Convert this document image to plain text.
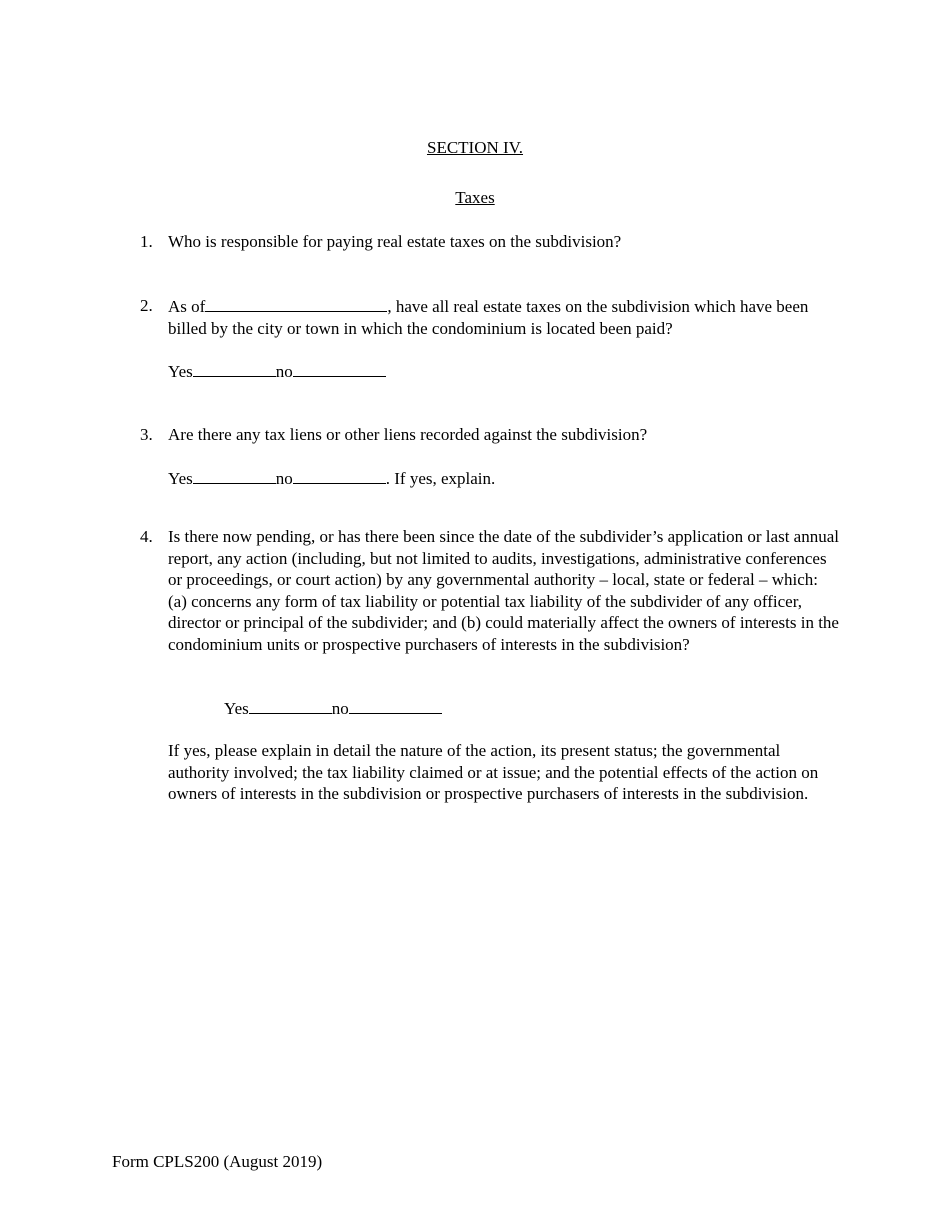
SECTION IV.
Taxes
1. Who is responsible for paying real estate taxes on the subdivision?
2. As of	, have all real estate taxes on the subdivision which have been billed by the city or town in which the condominium is located been paid?
Yes	no
3. Are there any tax liens or other liens recorded against the subdivision?
Yes	no	. If yes, explain.
4. Is there now pending, or has there been since the date of the subdivider’s application or last annual report, any action (including, but not limited to audits, investigations, administrative conferences or proceedings, or court action) by any governmental authority – local, state or federal – which: (a) concerns any form of tax liability or potential tax liability of the subdivider of any officer, director or principal of the subdivider; and (b) could materially affect the owners of interests in the condominium units or prospective purchasers of interests in the subdivision?
Yes	no
If yes, please explain in detail the nature of the action, its present status; the governmental authority involved; the tax liability claimed or at issue; and the potential effects of the action on owners of interests in the subdivision or prospective purchasers of interests in the subdivision.
Form CPLS200 (August 2019)
